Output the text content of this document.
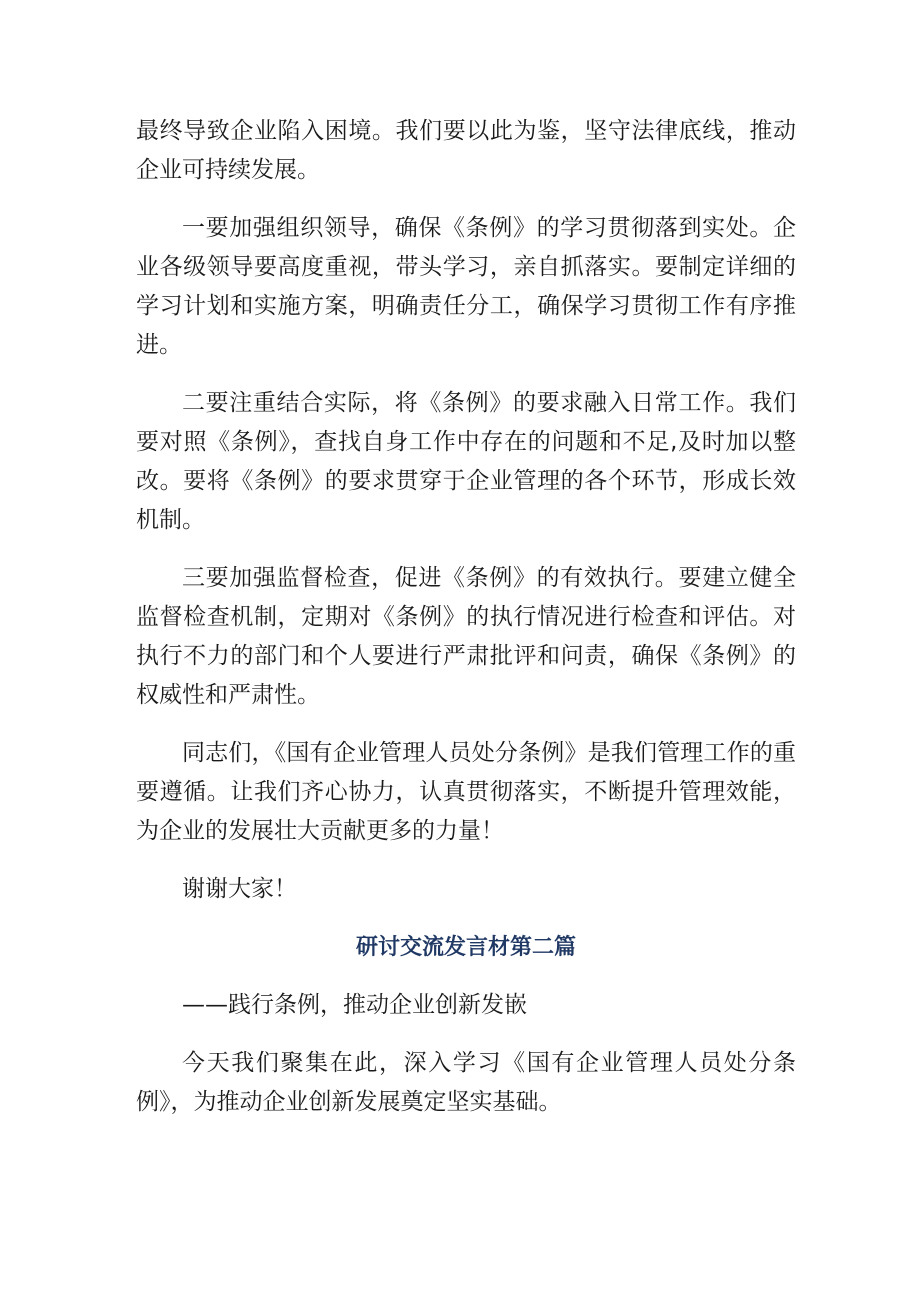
最终导致企业陷入困境。我们要以此为鉴，坚守法律底线，推动企业可持续发展。

一要加强组织领导，确保《条例》的学习贯彻落到实处。企业各级领导要高度重视，带头学习，亲自抓落实。要制定详细的学习计划和实施方案，明确责任分工，确保学习贯彻工作有序推进。

二要注重结合实际，将《条例》的要求融入日常工作。我们要对照《条例》，查找自身工作中存在的问题和不足,及时加以整改。要将《条例》的要求贯穿于企业管理的各个环节，形成长效机制。

三要加强监督检查，促进《条例》的有效执行。要建立健全监督检查机制，定期对《条例》的执行情况进行检查和评估。对执行不力的部门和个人要进行严肃批评和问责，确保《条例》的权威性和严肃性。

同志们，《国有企业管理人员处分条例》是我们管理工作的重要遵循。让我们齐心协力，认真贯彻落实，不断提升管理效能，为企业的发展壮大贡献更多的力量！

谢谢大家！

研讨交流发言材第二篇

——践行条例，推动企业创新发嵌

今天我们聚集在此，深入学习《国有企业管理人员处分条例》，为推动企业创新发展奠定坚实基础。
